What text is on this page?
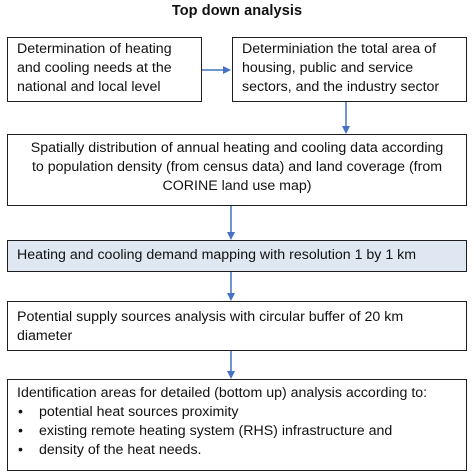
Top down analysis
Determination of heating
and cooling needs at the
national and local level
Determiniation the total area of
housing, public and service
sectors, and the industry sector
Spatially distribution of annual heating and cooling data according
to population density (from census data) and land coverage (from
CORINE land use map)
Heating and cooling demand mapping with resolution 1 by 1 km
Potential supply sources analysis with circular buffer of 20 km
diameter
Identification areas for detailed (bottom up) analysis according to:
• potential heat sources proximity
• existing remote heating system (RHS) infrastructure and
• density of the heat needs.
